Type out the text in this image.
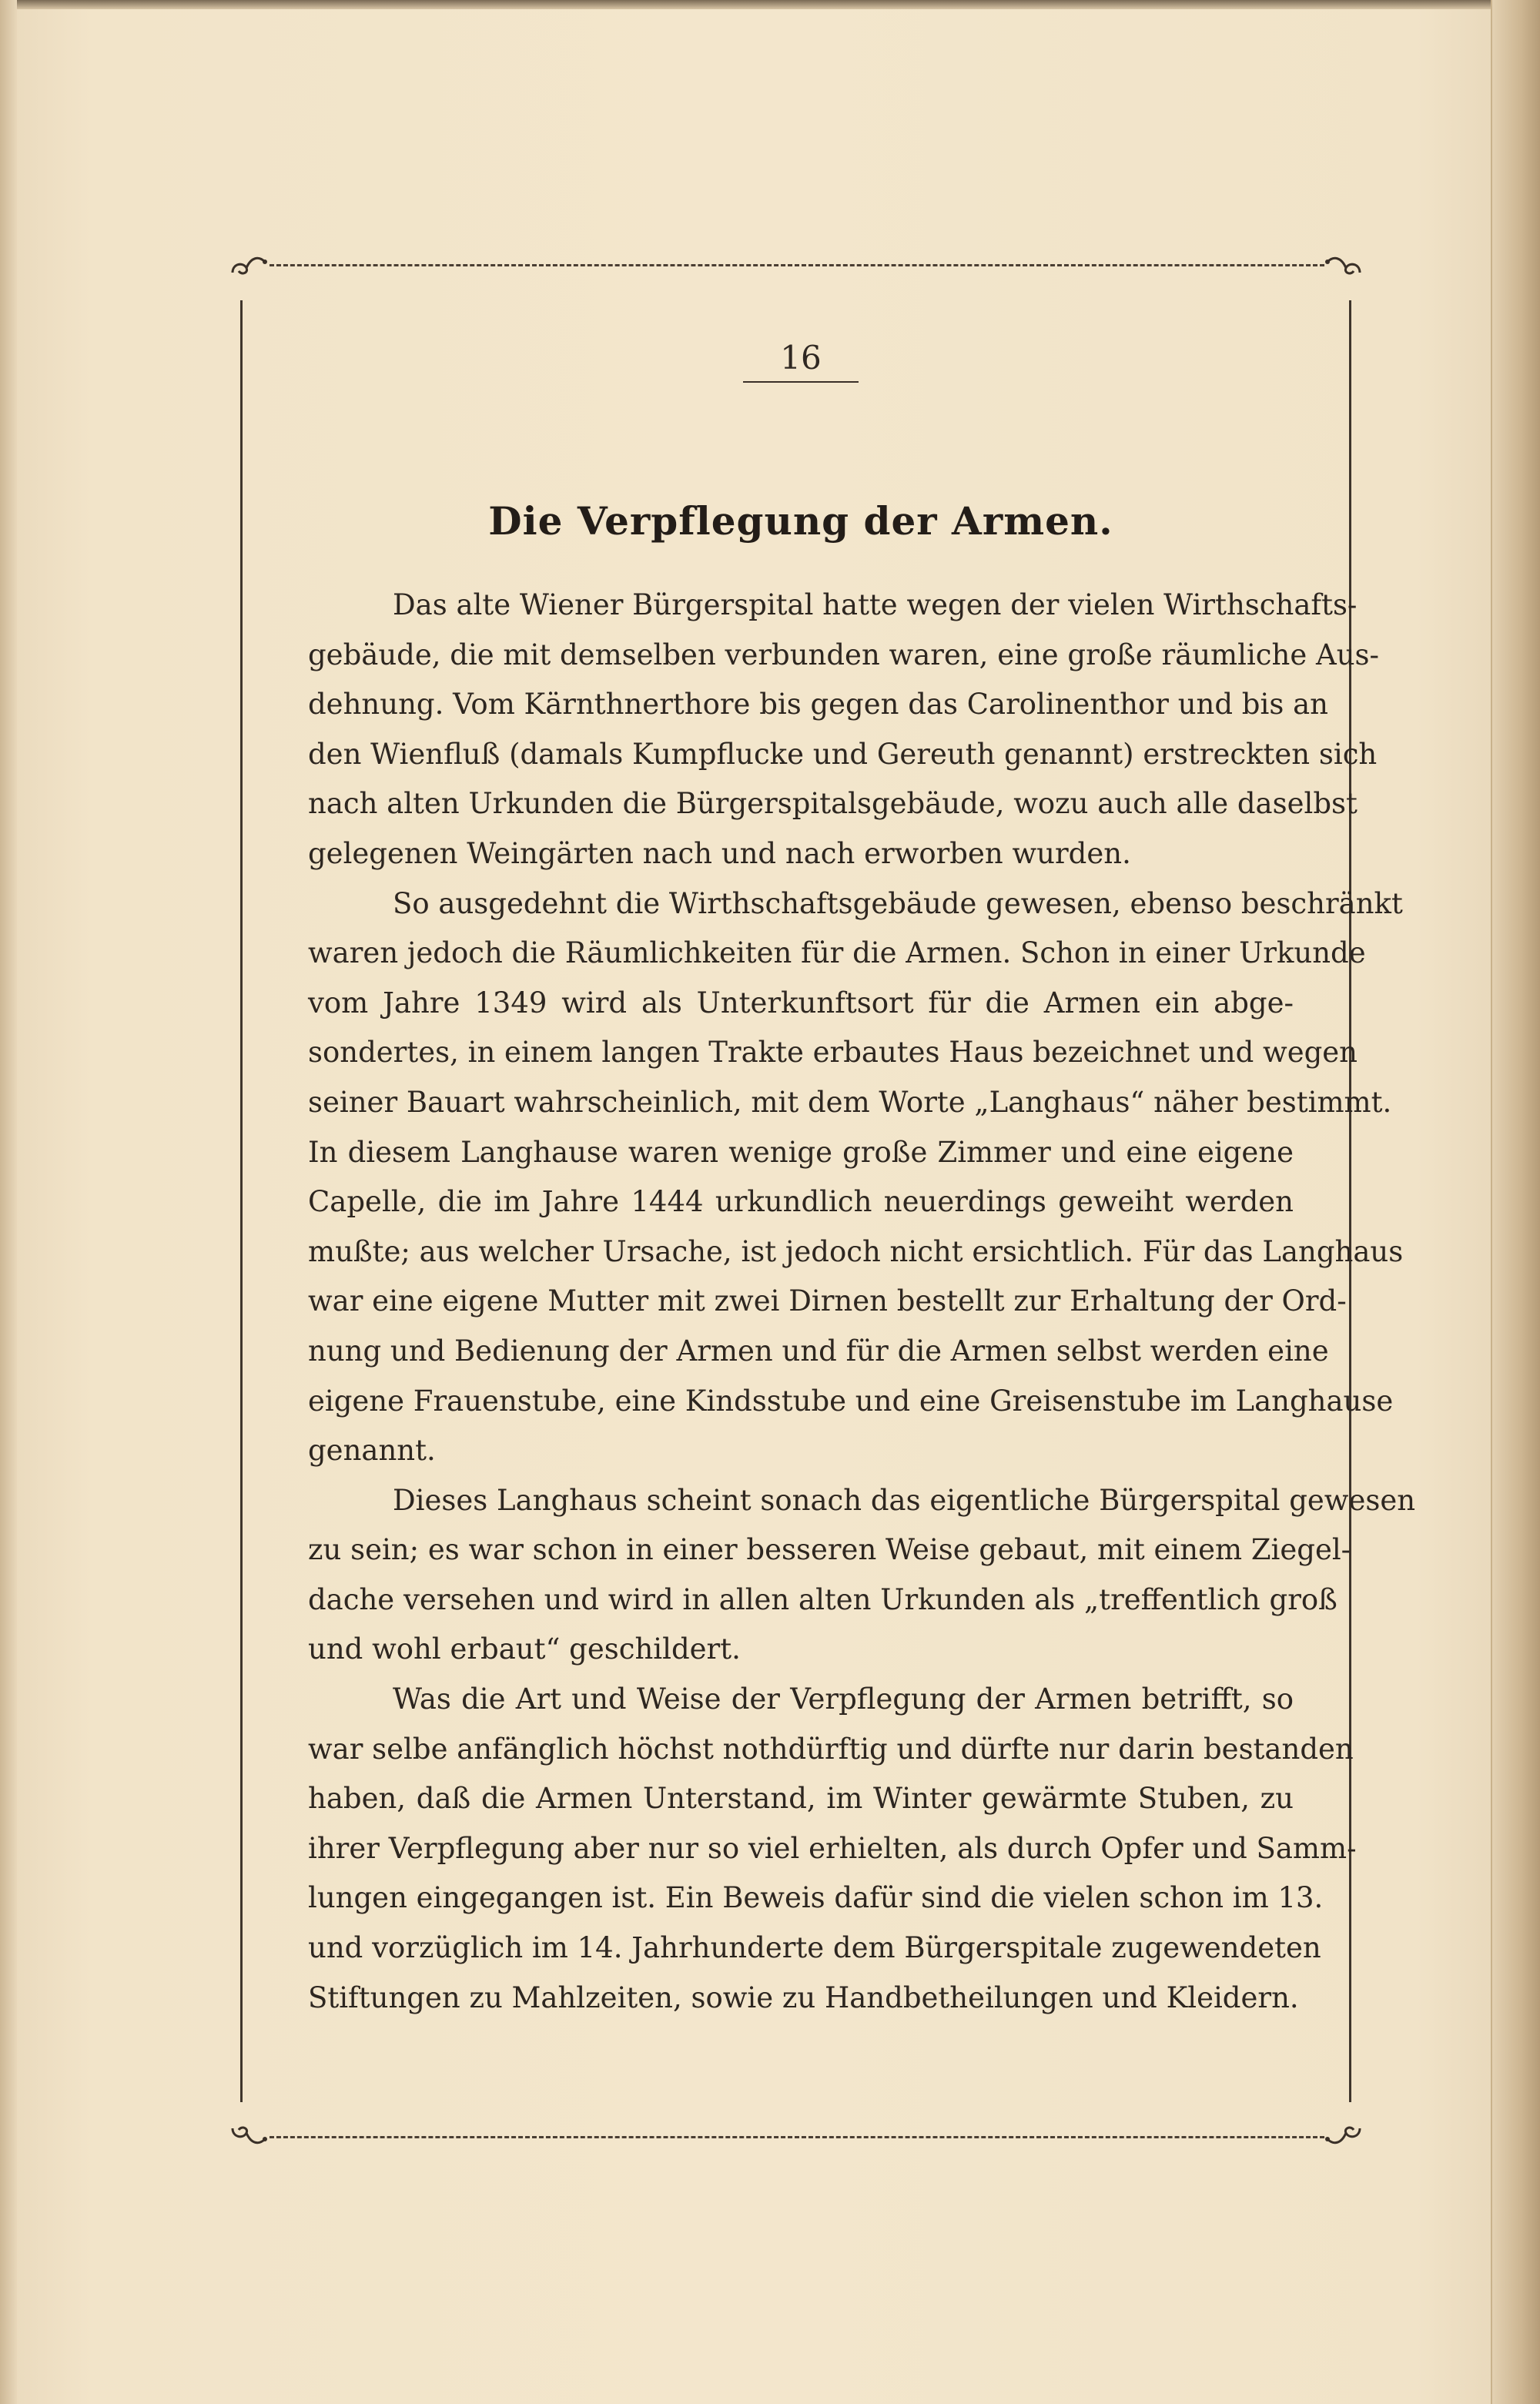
16
Die Verpflegung der Armen.
Das alte Wiener Bürgerspital hatte wegen der vielen Wirthschafts-
gebäude, die mit demselben verbunden waren, eine große räumliche Aus-
dehnung. Vom Kärnthnerthore bis gegen das Carolinenthor und bis an
den Wienfluß (damals Kumpflucke und Gereuth genannt) erstreckten sich
nach alten Urkunden die Bürgerspitalsgebäude, wozu auch alle daselbst
gelegenen Weingärten nach und nach erworben wurden.
So ausgedehnt die Wirthschaftsgebäude gewesen, ebenso beschränkt
waren jedoch die Räumlichkeiten für die Armen. Schon in einer Urkunde
vom Jahre 1349 wird als Unterkunftsort für die Armen ein abge-
sondertes, in einem langen Trakte erbautes Haus bezeichnet und wegen
seiner Bauart wahrscheinlich, mit dem Worte „Langhaus“ näher bestimmt.
In diesem Langhause waren wenige große Zimmer und eine eigene
Capelle, die im Jahre 1444 urkundlich neuerdings geweiht werden
mußte; aus welcher Ursache, ist jedoch nicht ersichtlich. Für das Langhaus
war eine eigene Mutter mit zwei Dirnen bestellt zur Erhaltung der Ord-
nung und Bedienung der Armen und für die Armen selbst werden eine
eigene Frauenstube, eine Kindsstube und eine Greisenstube im Langhause
genannt.
Dieses Langhaus scheint sonach das eigentliche Bürgerspital gewesen
zu sein; es war schon in einer besseren Weise gebaut, mit einem Ziegel-
dache versehen und wird in allen alten Urkunden als „treffentlich groß
und wohl erbaut“ geschildert.
Was die Art und Weise der Verpflegung der Armen betrifft, so
war selbe anfänglich höchst nothdürftig und dürfte nur darin bestanden
haben, daß die Armen Unterstand, im Winter gewärmte Stuben, zu
ihrer Verpflegung aber nur so viel erhielten, als durch Opfer und Samm-
lungen eingegangen ist. Ein Beweis dafür sind die vielen schon im 13.
und vorzüglich im 14. Jahrhunderte dem Bürgerspitale zugewendeten
Stiftungen zu Mahlzeiten, sowie zu Handbetheilungen und Kleidern.
